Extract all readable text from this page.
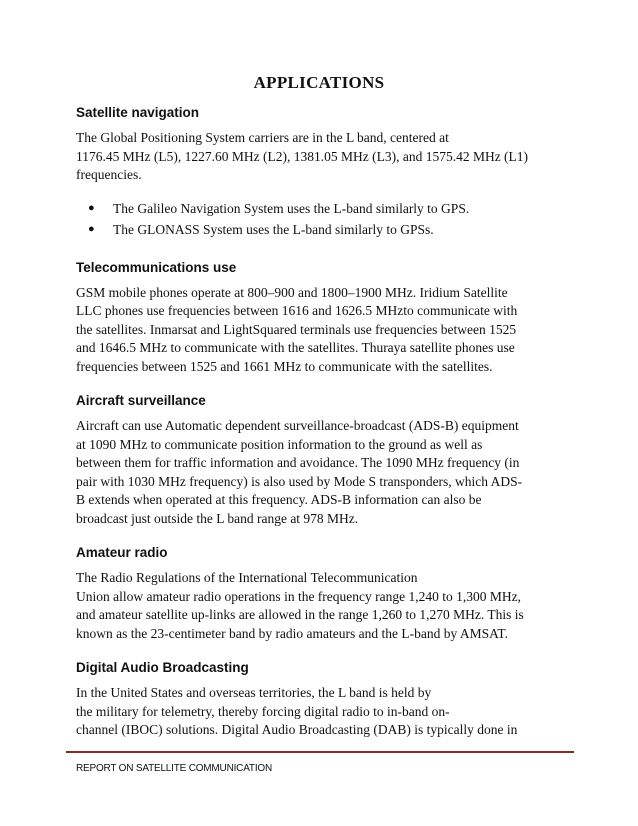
APPLICATIONS
Satellite navigation

The Global Positioning System carriers are in the L band, centered at
1176.45 MHz (L5), 1227.60 MHz (L2), 1381.05 MHz (L3), and 1575.42 MHz (L1)
frequencies.

● The Galileo Navigation System uses the L-band similarly to GPS.
● The GLONASS System uses the L-band similarly to GPSs.
Telecommunications use

GSM mobile phones operate at 800–900 and 1800–1900 MHz. Iridium Satellite
LLC phones use frequencies between 1616 and 1626.5 MHzto communicate with
the satellites. Inmarsat and LightSquared terminals use frequencies between 1525
and 1646.5 MHz to communicate with the satellites. Thuraya satellite phones use
frequencies between 1525 and 1661 MHz to communicate with the satellites.

Aircraft surveillance

Aircraft can use Automatic dependent surveillance-broadcast (ADS-B) equipment
at 1090 MHz to communicate position information to the ground as well as
between them for traffic information and avoidance. The 1090 MHz frequency (in
pair with 1030 MHz frequency) is also used by Mode S transponders, which ADS-
B extends when operated at this frequency. ADS-B information can also be
broadcast just outside the L band range at 978 MHz.

Amateur radio

The Radio Regulations of the International Telecommunication
Union allow amateur radio operations in the frequency range 1,240 to 1,300 MHz,
and amateur satellite up-links are allowed in the range 1,260 to 1,270 MHz. This is
known as the 23-centimeter band by radio amateurs and the L-band by AMSAT.

Digital Audio Broadcasting

In the United States and overseas territories, the L band is held by
the military for telemetry, thereby forcing digital radio to in-band on-
channel (IBOC) solutions. Digital Audio Broadcasting (DAB) is typically done in

REPORT ON SATELLITE COMMUNICATION
